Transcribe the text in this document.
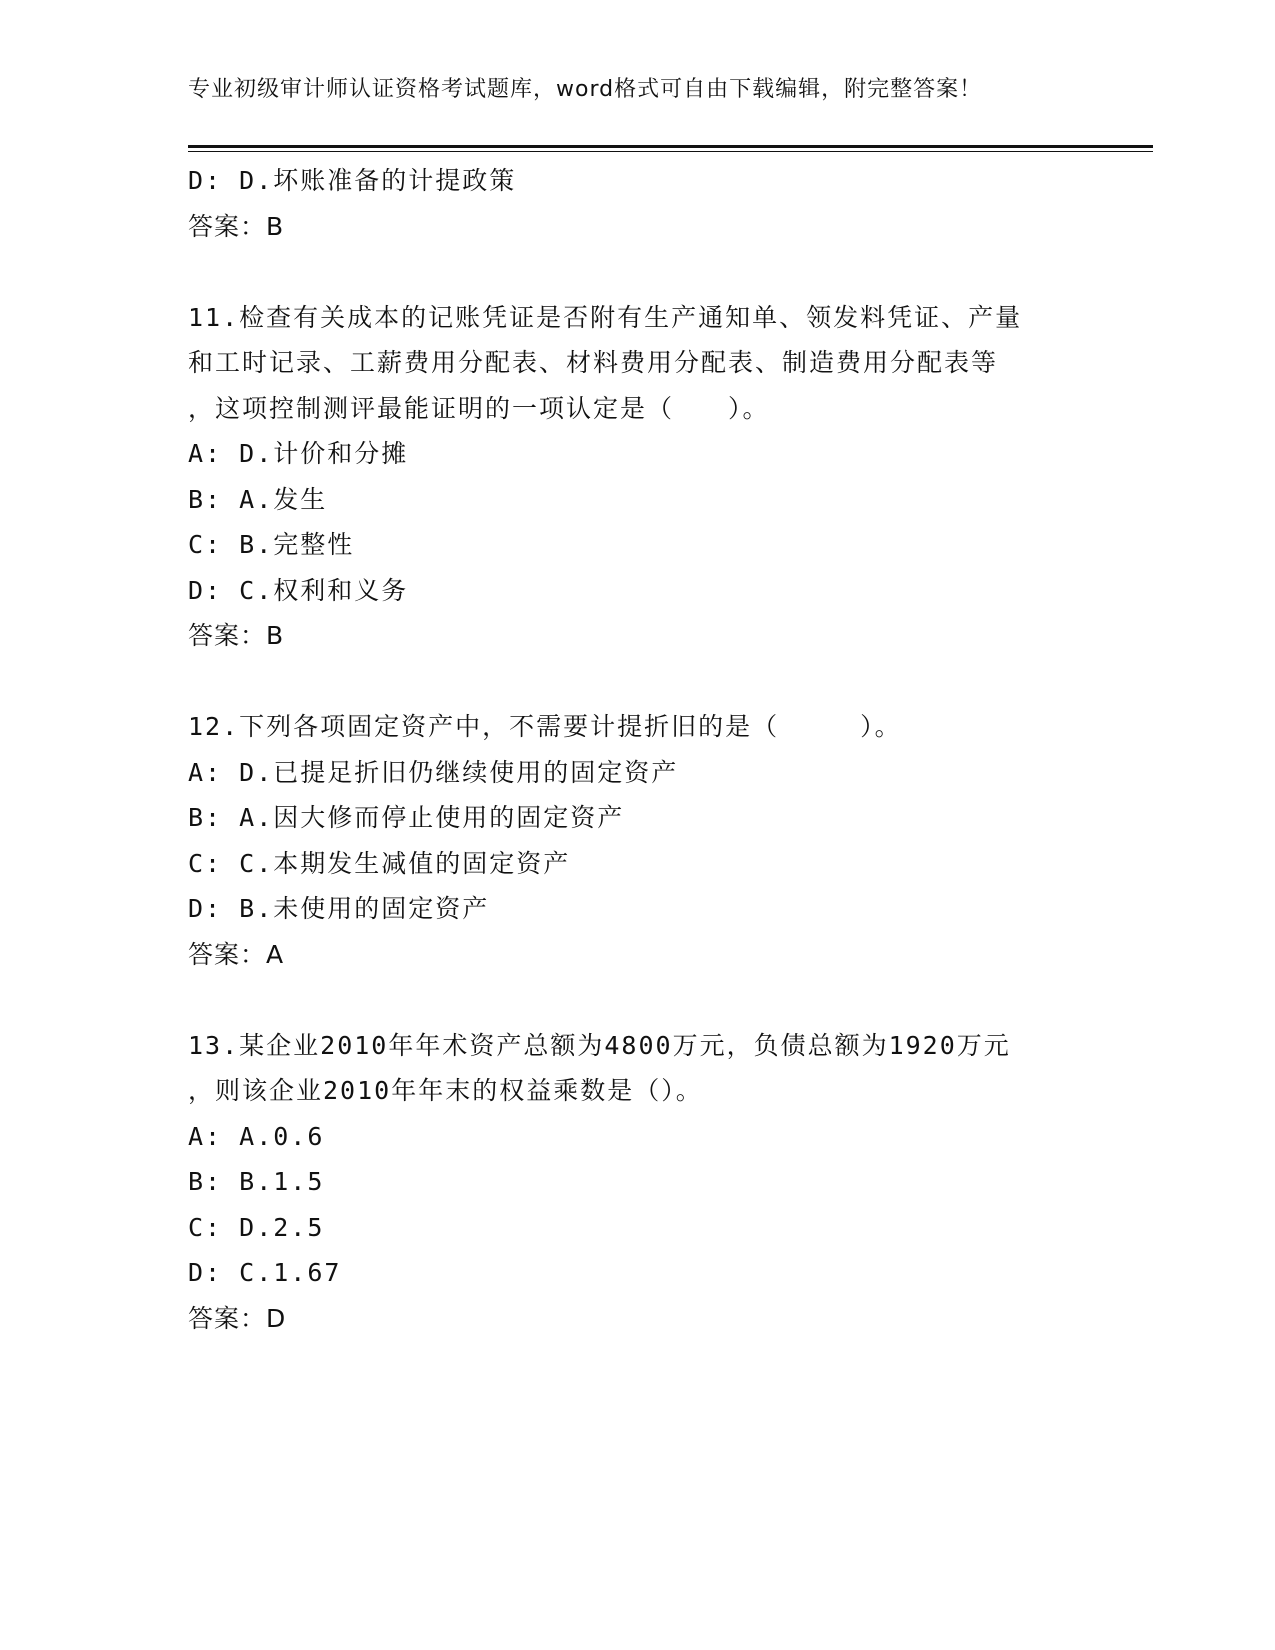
专业初级审计师认证资格考试题库，word格式可自由下载编辑，附完整答案！
D: D.坏账准备的计提政策
答案：B
11.检查有关成本的记账凭证是否附有生产通知单、领发料凭证、产量
和工时记录、工薪费用分配表、材料费用分配表、制造费用分配表等
，这项控制测评最能证明的一项认定是（　　）。
A: D.计价和分摊
B: A.发生
C: B.完整性
D: C.权利和义务
答案：B
12.下列各项固定资产中，不需要计提折旧的是（　　　）。
A: D.已提足折旧仍继续使用的固定资产
B: A.因大修而停止使用的固定资产
C: C.本期发生减值的固定资产
D: B.未使用的固定资产
答案：A
13.某企业2010年年术资产总额为4800万元，负债总额为1920万元
，则该企业2010年年末的权益乘数是（）。
A: A.0.6
B: B.1.5
C: D.2.5
D: C.1.67
答案：D
